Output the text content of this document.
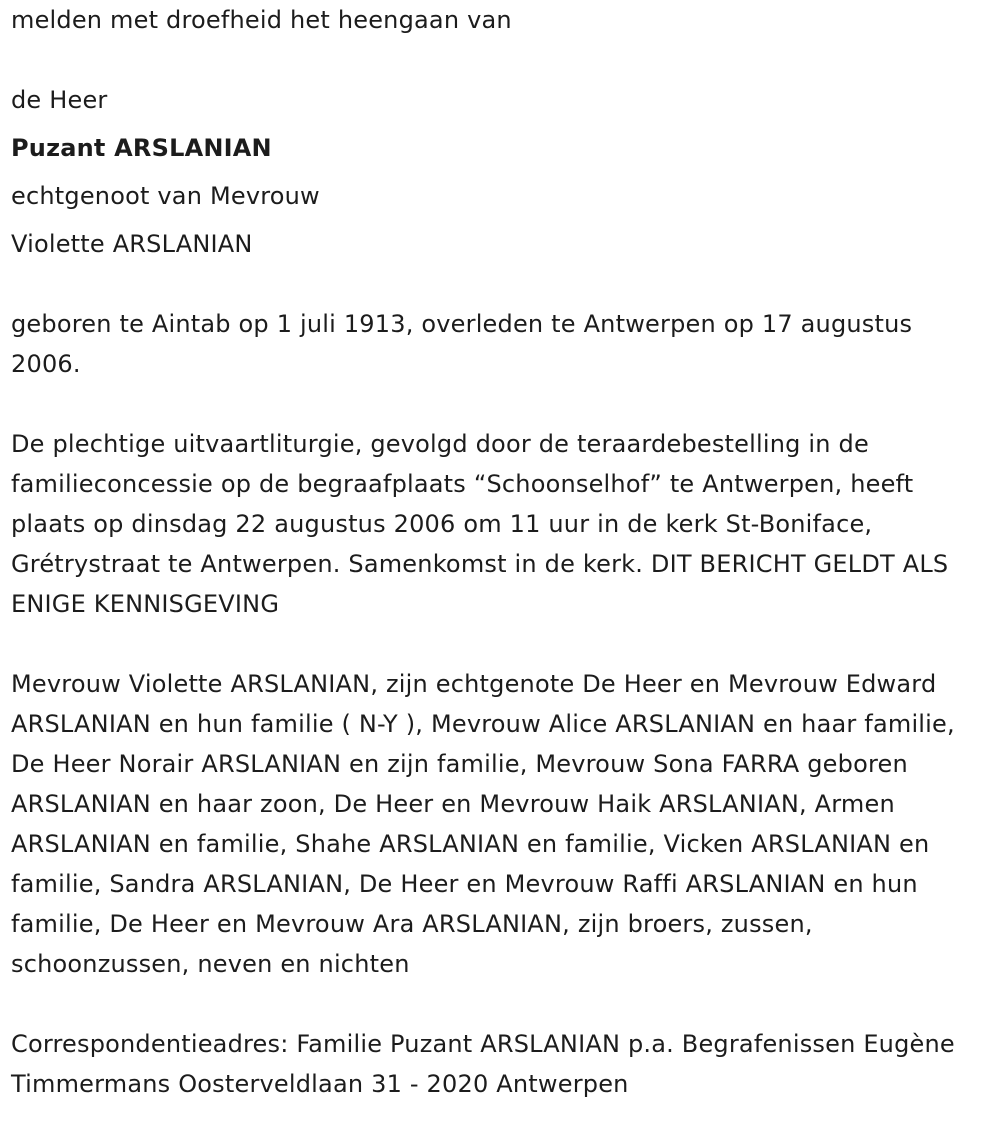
melden met droefheid het heengaan van

de Heer

Puzant ARSLANIAN

echtgenoot van Mevrouw

Violette ARSLANIAN

geboren te Aintab op 1 juli 1913, overleden te Antwerpen op 17 augustus 2006.

De plechtige uitvaartliturgie, gevolgd door de teraardebestelling in de familieconcessie op de begraafplaats “Schoonselhof” te Antwerpen, heeft plaats op dinsdag 22 augustus 2006 om 11 uur in de kerk St-Boniface, Grétrystraat te Antwerpen. Samenkomst in de kerk. DIT BERICHT GELDT ALS ENIGE KENNISGEVING

Mevrouw Violette ARSLANIAN, zijn echtgenote De Heer en Mevrouw Edward ARSLANIAN en hun familie ( N-Y ), Mevrouw Alice ARSLANIAN en haar familie, De Heer Norair ARSLANIAN en zijn familie, Mevrouw Sona FARRA geboren ARSLANIAN en haar zoon, De Heer en Mevrouw Haik ARSLANIAN, Armen ARSLANIAN en familie, Shahe ARSLANIAN en familie, Vicken ARSLANIAN en familie, Sandra ARSLANIAN, De Heer en Mevrouw Raffi ARSLANIAN en hun familie, De Heer en Mevrouw Ara ARSLANIAN, zijn broers, zussen, schoonzussen, neven en nichten

Correspondentieadres: Familie Puzant ARSLANIAN p.a. Begrafenissen Eugène Timmermans Oosterveldlaan 31 - 2020 Antwerpen
